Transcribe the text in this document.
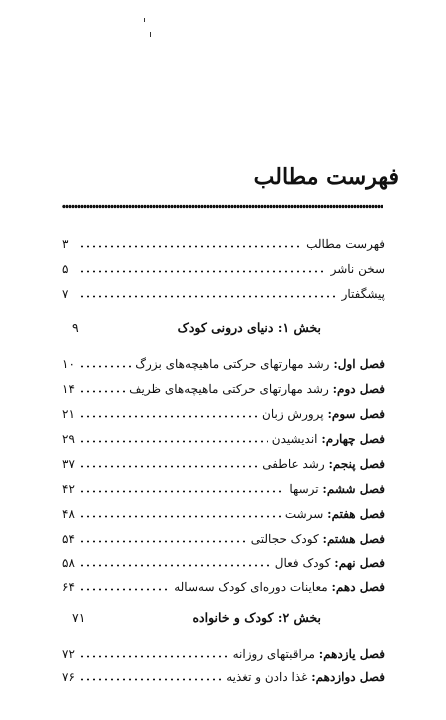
فهرست مطالب
فهرست مطالب
۳
سخن ناشر
۵
پیشگفتار
۷
بخش ۱: دنیای درونی کودک
۹
فصل اول: رشد مهارتهای حرکتی ماهیچه‌های بزرگ
۱۰
فصل دوم: رشد مهارتهای حرکتی ماهیچه‌های ظریف
۱۴
فصل سوم: پرورش زبان
۲۱
فصل چهارم: اندیشیدن
۲۹
فصل پنجم: رشد عاطفی
۳۷
فصل ششم: ترسها
۴۲
فصل هفتم: سرشت
۴۸
فصل هشتم: کودک حجالتی
۵۴
فصل نهم: کودک فعال
۵۸
فصل دهم: معاینات دوره‌ای کودک سه‌ساله
۶۴
بخش ۲: کودک و خانواده
۷۱
فصل یازدهم: مراقبتهای روزانه
۷۲
فصل دوازدهم: غذا دادن و تغذیه
۷۶
